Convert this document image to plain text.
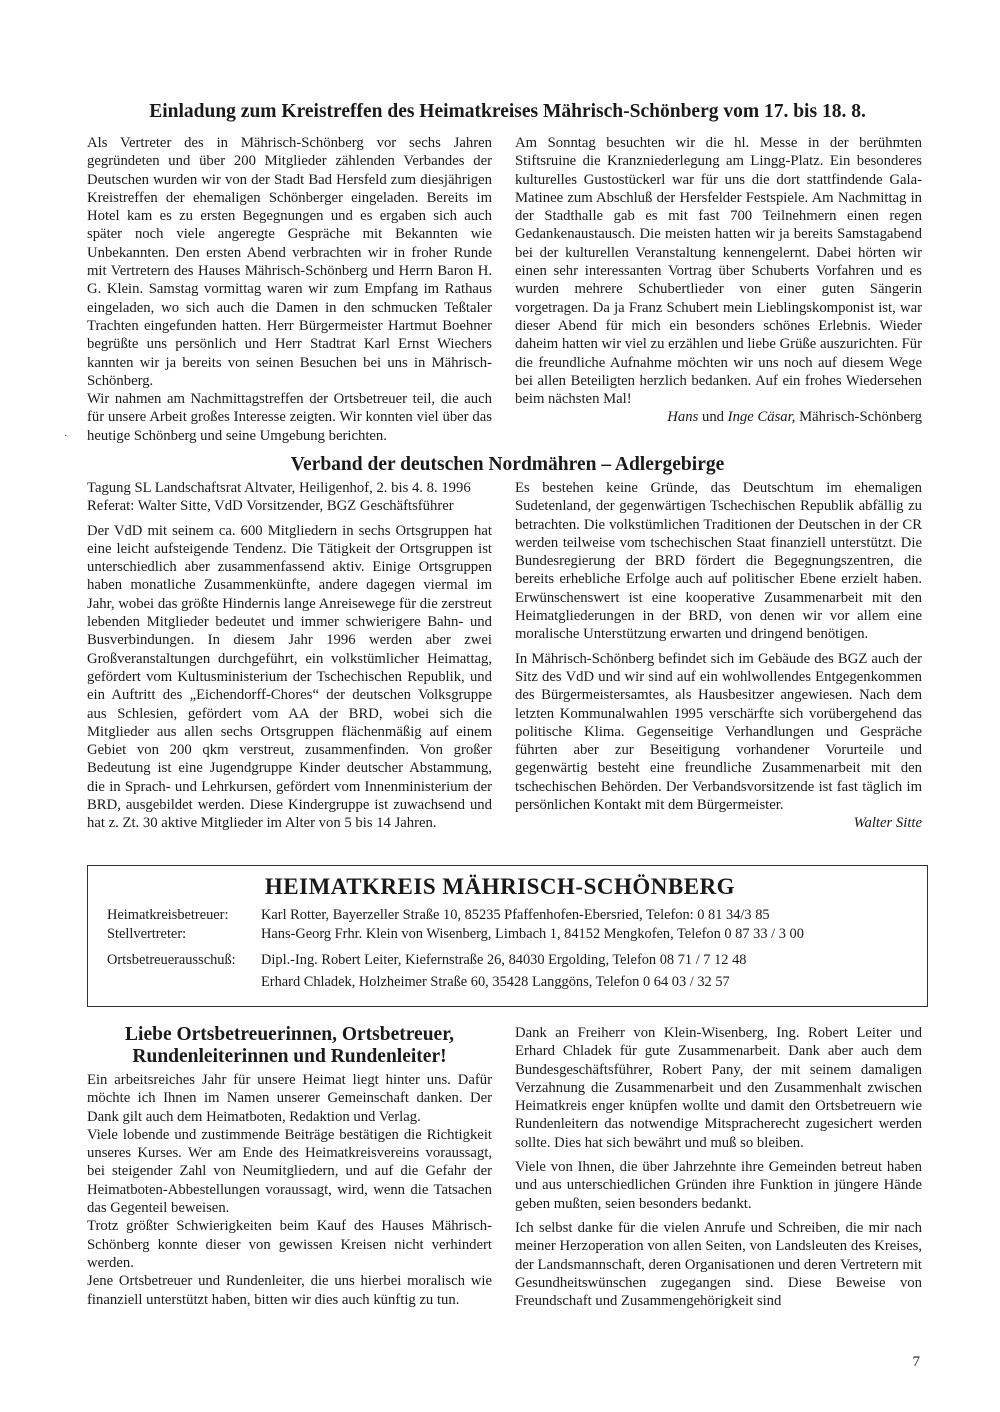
Einladung zum Kreistreffen des Heimatkreises Mährisch-Schönberg vom 17. bis 18. 8.

Als Vertreter des in Mährisch-Schönberg vor sechs Jahren gegründeten und über 200 Mitglieder zählenden Verbandes der Deutschen wurden wir von der Stadt Bad Hersfeld zum diesjährigen Kreistreffen der ehemaligen Schönberger eingeladen. Bereits im Hotel kam es zu ersten Begegnungen und es ergaben sich auch später noch viele angeregte Gespräche mit Bekannten wie Unbekannten. Den ersten Abend verbrachten wir in froher Runde mit Vertretern des Hauses Mährisch-Schönberg und Herrn Baron H. G. Klein. Samstag vormittag waren wir zum Empfang im Rathaus eingeladen, wo sich auch die Damen in den schmucken Teßtaler Trachten eingefunden hatten. Herr Bürgermeister Hartmut Boehner begrüßte uns persönlich und Herr Stadtrat Karl Ernst Wiechers kannten wir ja bereits von seinen Besuchen bei uns in Mährisch-Schönberg.

Wir nahmen am Nachmittagstreffen der Ortsbetreuer teil, die auch für unsere Arbeit großes Interesse zeigten. Wir konnten viel über das heutige Schönberg und seine Umgebung berichten.

·

Am Sonntag besuchten wir die hl. Messe in der berühmten Stiftsruine die Kranzniederlegung am Lingg-Platz. Ein besonderes kulturelles Gustostückerl war für uns die dort stattfindende Gala-Matinee zum Abschluß der Hersfelder Festspiele. Am Nachmittag in der Stadthalle gab es mit fast 700 Teilnehmern einen regen Gedankenaustausch. Die meisten hatten wir ja bereits Samstagabend bei der kulturellen Veranstaltung kennengelernt. Dabei hörten wir einen sehr interessanten Vortrag über Schuberts Vorfahren und es wurden mehrere Schubertlieder von einer guten Sängerin vorgetragen. Da ja Franz Schubert mein Lieblingskomponist ist, war dieser Abend für mich ein besonders schönes Erlebnis. Wieder daheim hatten wir viel zu erzählen und liebe Grüße auszurichten. Für die freundliche Aufnahme möchten wir uns noch auf diesem Wege bei allen Beteiligten herzlich bedanken. Auf ein frohes Wiedersehen beim nächsten Mal!

Hans und Inge Cäsar, Mährisch-Schönberg

Verband der deutschen Nordmähren – Adlergebirge

Tagung SL Landschaftsrat Altvater, Heiligenhof, 2. bis 4. 8. 1996

Referat: Walter Sitte, VdD Vorsitzender, BGZ Geschäftsführer

Der VdD mit seinem ca. 600 Mitgliedern in sechs Ortsgruppen hat eine leicht aufsteigende Tendenz. Die Tätigkeit der Ortsgruppen ist unterschiedlich aber zusammenfassend aktiv. Einige Ortsgruppen haben monatliche Zusammenkünfte, andere dagegen viermal im Jahr, wobei das größte Hindernis lange Anreisewege für die zerstreut lebenden Mitglieder bedeutet und immer schwierigere Bahn- und Busverbindungen. In diesem Jahr 1996 werden aber zwei Großveranstaltungen durchgeführt, ein volkstümlicher Heimattag, gefördert vom Kultusministerium der Tschechischen Republik, und ein Auftritt des „Eichendorff-Chores“ der deutschen Volksgruppe aus Schlesien, gefördert vom AA der BRD, wobei sich die Mitglieder aus allen sechs Ortsgruppen flächenmäßig auf einem Gebiet von 200 qkm verstreut, zusammenfinden. Von großer Bedeutung ist eine Jugendgruppe Kinder deutscher Abstammung, die in Sprach- und Lehrkursen, gefördert vom Innenministerium der BRD, ausgebildet werden. Diese Kindergruppe ist zuwachsend und hat z. Zt. 30 aktive Mitglieder im Alter von 5 bis 14 Jahren.

Es bestehen keine Gründe, das Deutschtum im ehemaligen Sudetenland, der gegenwärtigen Tschechischen Republik abfällig zu betrachten. Die volkstümlichen Traditionen der Deutschen in der CR werden teilweise vom tschechischen Staat finanziell unterstützt. Die Bundesregierung der BRD fördert die Begegnungszentren, die bereits erhebliche Erfolge auch auf politischer Ebene erzielt haben. Erwünschenswert ist eine kooperative Zusammenarbeit mit den Heimatgliederungen in der BRD, von denen wir vor allem eine moralische Unterstützung erwarten und dringend benötigen.

In Mährisch-Schönberg befindet sich im Gebäude des BGZ auch der Sitz des VdD und wir sind auf ein wohlwollendes Entgegenkommen des Bürgermeistersamtes, als Hausbesitzer angewiesen. Nach dem letzten Kommunalwahlen 1995 verschärfte sich vorübergehend das politische Klima. Gegenseitige Verhandlungen und Gespräche führten aber zur Beseitigung vorhandener Vorurteile und gegenwärtig besteht eine freundliche Zusammenarbeit mit den tschechischen Behörden. Der Verbandsvorsitzende ist fast täglich im persönlichen Kontakt mit dem Bürgermeister.

Walter Sitte

HEIMATKREIS MÄHRISCH-SCHÖNBERG
Heimatkreisbetreuer: Karl Rotter, Bayerzeller Straße 10, 85235 Pfaffenhofen-Ebersried, Telefon: 0 81 34/3 85
Stellvertreter:	Hans-Georg Frhr. Klein von Wisenberg, Limbach 1, 84152 Mengkofen, Telefon 0 87 33 / 3 00
Ortsbetreuerausschuß: Dipl.-Ing. Robert Leiter, Kiefernstraße 26, 84030 Ergolding, Telefon 08 71 / 7 12 48
Erhard Chladek, Holzheimer Straße 60, 35428 Langgöns, Telefon 0 64 03 / 32 57
Liebe Ortsbetreuerinnen, Ortsbetreuer,
Rundenleiterinnen und Rundenleiter!

Ein arbeitsreiches Jahr für unsere Heimat liegt hinter uns. Dafür möchte ich Ihnen im Namen unserer Gemeinschaft danken. Der Dank gilt auch dem Heimatboten, Redaktion und Verlag.

Viele lobende und zustimmende Beiträge bestätigen die Richtigkeit unseres Kurses. Wer am Ende des Heimatkreisvereins voraussagt, bei steigender Zahl von Neumitgliedern, und auf die Gefahr der Heimatboten-Abbestellungen voraussagt, wird, wenn die Tatsachen das Gegenteil beweisen.

Trotz größter Schwierigkeiten beim Kauf des Hauses Mährisch-Schönberg konnte dieser von gewissen Kreisen nicht verhindert werden.

Jene Ortsbetreuer und Rundenleiter, die uns hierbei moralisch wie finanziell unterstützt haben, bitten wir dies auch künftig zu tun.

Dank an Freiherr von Klein-Wisenberg, Ing. Robert Leiter und Erhard Chladek für gute Zusammenarbeit. Dank aber auch dem Bundesgeschäftsführer, Robert Pany, der mit seinem damaligen Verzahnung die Zusammenarbeit und den Zusammenhalt zwischen Heimatkreis enger knüpfen wollte und damit den Ortsbetreuern wie Rundenleitern das notwendige Mitspracherecht zugesichert werden sollte. Dies hat sich bewährt und muß so bleiben.

Viele von Ihnen, die über Jahrzehnte ihre Gemeinden betreut haben und aus unterschiedlichen Gründen ihre Funktion in jüngere Hände geben mußten, seien besonders bedankt.

Ich selbst danke für die vielen Anrufe und Schreiben, die mir nach meiner Herzoperation von allen Seiten, von Landsleuten des Kreises, der Landsmannschaft, deren Organisationen und deren Vertretern mit Gesundheitswünschen zugegangen sind. Diese Beweise von Freundschaft und Zusammengehörigkeit sind

7
